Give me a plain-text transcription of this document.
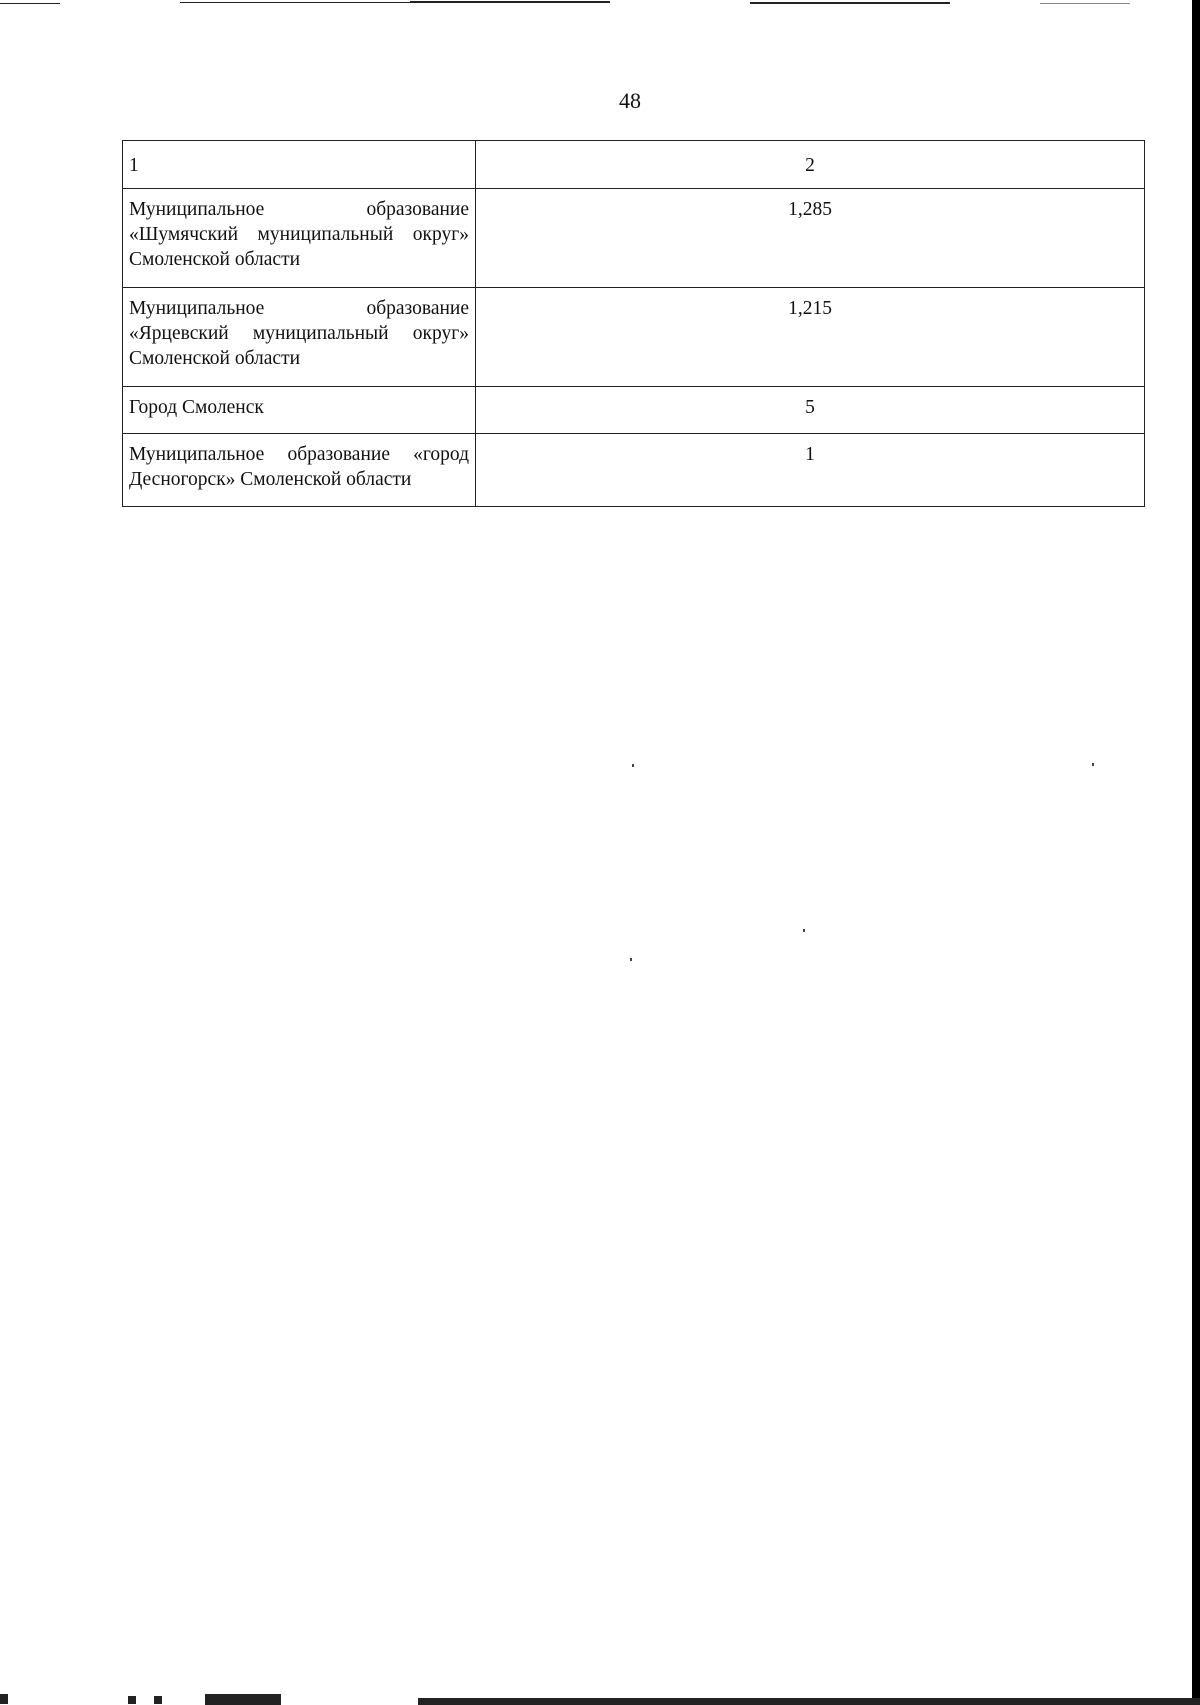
48
1	2
Муниципальное образование «Шумячский муниципальный округ» Смоленской области	1,285
Муниципальное образование «Ярцевский муниципальный округ» Смоленской области	1,215
Город Смоленск	5
Муниципальное образование «город Десногорск» Смоленской области	1
